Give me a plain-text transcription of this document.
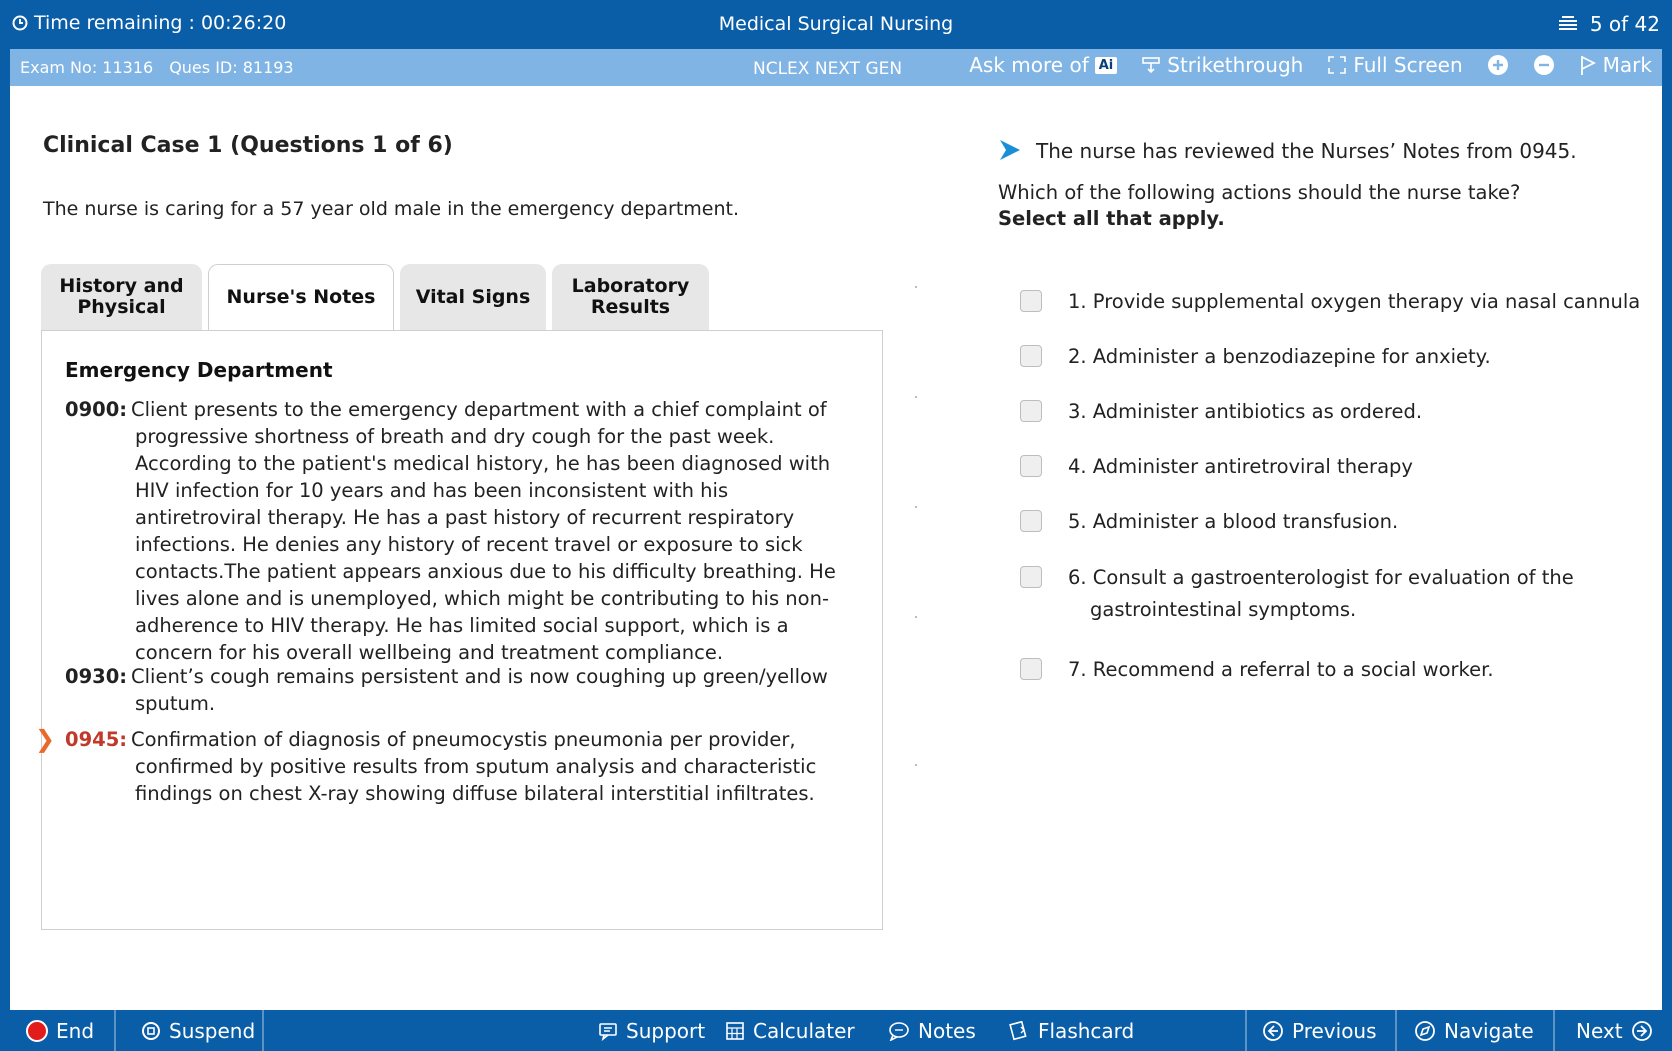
Time remaining : 00:26:20	Medical Surgical Nursing	5 of 42
Exam No: 11316 Ques ID: 81193	NCLEX NEXT GEN	Ask more of Ai	Strikethrough	Full Screen	Mark
Clinical Case 1 (Questions 1 of 6)
The nurse is caring for a 57 year old male in the emergency department.
History and
Physical	Nurse's Notes Vital Signs Laboratory
Results
Emergency Department
0900: Client presents to the emergency department with a chief complaint of progressive shortness of breath and dry cough for the past week. According to the patient's medical history, he has been diagnosed with HIV infection for 10 years and has been inconsistent with his antiretroviral therapy. He has a past history of recurrent respiratory infections. He denies any history of recent travel or exposure to sick contacts.The patient appears anxious due to his difficulty breathing. He lives alone and is unemployed, which might be contributing to his non-adherence to HIV therapy. He has limited social support, which is a concern for his overall wellbeing and treatment compliance.
0930: Client’s cough remains persistent and is now coughing up green/yellow sputum.
❯ 0945: Confirmation of diagnosis of pneumocystis pneumonia per provider, confirmed by positive results from sputum analysis and characteristic findings on chest X-ray showing diffuse bilateral interstitial infiltrates.
The nurse has reviewed the Nurses’ Notes from 0945.
Which of the following actions should the nurse take?
Select all that apply.
1. Provide supplemental oxygen therapy via nasal cannula
2. Administer a benzodiazepine for anxiety.
3. Administer antibiotics as ordered.
4. Administer antiretroviral therapy
5. Administer a blood transfusion.
6. Consult a gastroenterologist for evaluation of the gastrointestinal symptoms.
7. Recommend a referral to a social worker.
End	Suspend	Support Calculater	Notes	Flashcard	Previous	Navigate Next
